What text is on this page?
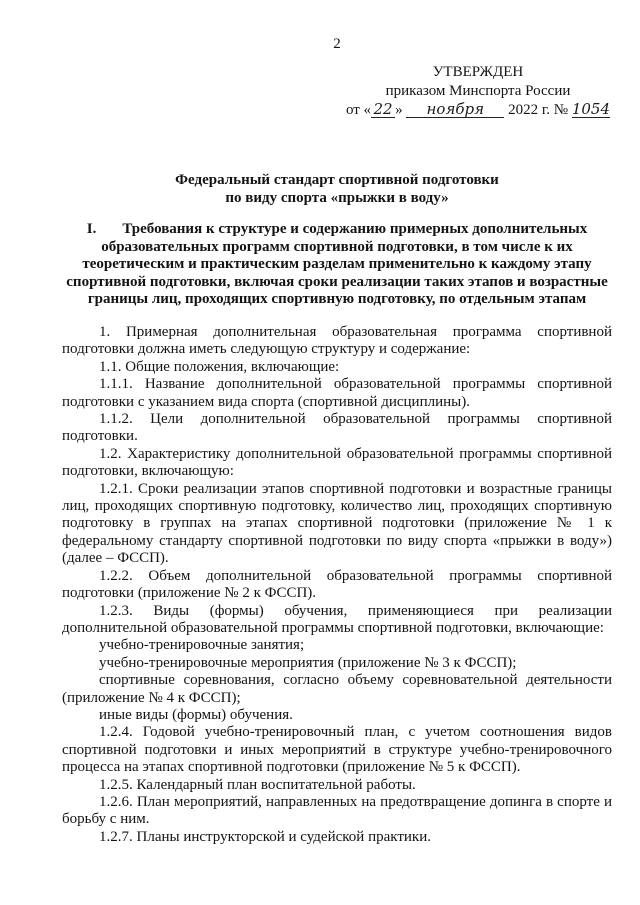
2
УТВЕРЖДЕН
приказом Минспорта России
от « 22 » ноября 2022 г. № 1054
Федеральный стандарт спортивной подготовки
по виду спорта «прыжки в воду»
I. Требования к структуре и содержанию примерных дополнительных образовательных программ спортивной подготовки, в том числе к их теоретическим и практическим разделам применительно к каждому этапу спортивной подготовки, включая сроки реализации таких этапов и возрастные границы лиц, проходящих спортивную подготовку, по отдельным этапам

1. Примерная дополнительная образовательная программа спортивной подготовки должна иметь следующую структуру и содержание:

1.1. Общие положения, включающие:

1.1.1. Название дополнительной образовательной программы спортивной подготовки с указанием вида спорта (спортивной дисциплины).

1.1.2. Цели дополнительной образовательной программы спортивной подготовки.

1.2. Характеристику дополнительной образовательной программы спортивной подготовки, включающую:

1.2.1. Сроки реализации этапов спортивной подготовки и возрастные границы лиц, проходящих спортивную подготовку, количество лиц, проходящих спортивную подготовку в группах на этапах спортивной подготовки (приложение № 1 к федеральному стандарту спортивной подготовки по виду спорта «прыжки в воду») (далее – ФССП).

1.2.2. Объем дополнительной образовательной программы спортивной подготовки (приложение № 2 к ФССП).

1.2.3. Виды (формы) обучения, применяющиеся при реализации дополнительной образовательной программы спортивной подготовки, включающие:

учебно-тренировочные занятия;

учебно-тренировочные мероприятия (приложение № 3 к ФССП);

спортивные соревнования, согласно объему соревновательной деятельности (приложение № 4 к ФССП);

иные виды (формы) обучения.

1.2.4. Годовой учебно-тренировочный план, с учетом соотношения видов спортивной подготовки и иных мероприятий в структуре учебно-тренировочного процесса на этапах спортивной подготовки (приложение № 5 к ФССП).

1.2.5. Календарный план воспитательной работы.

1.2.6. План мероприятий, направленных на предотвращение допинга в спорте и борьбу с ним.

1.2.7. Планы инструкторской и судейской практики.
